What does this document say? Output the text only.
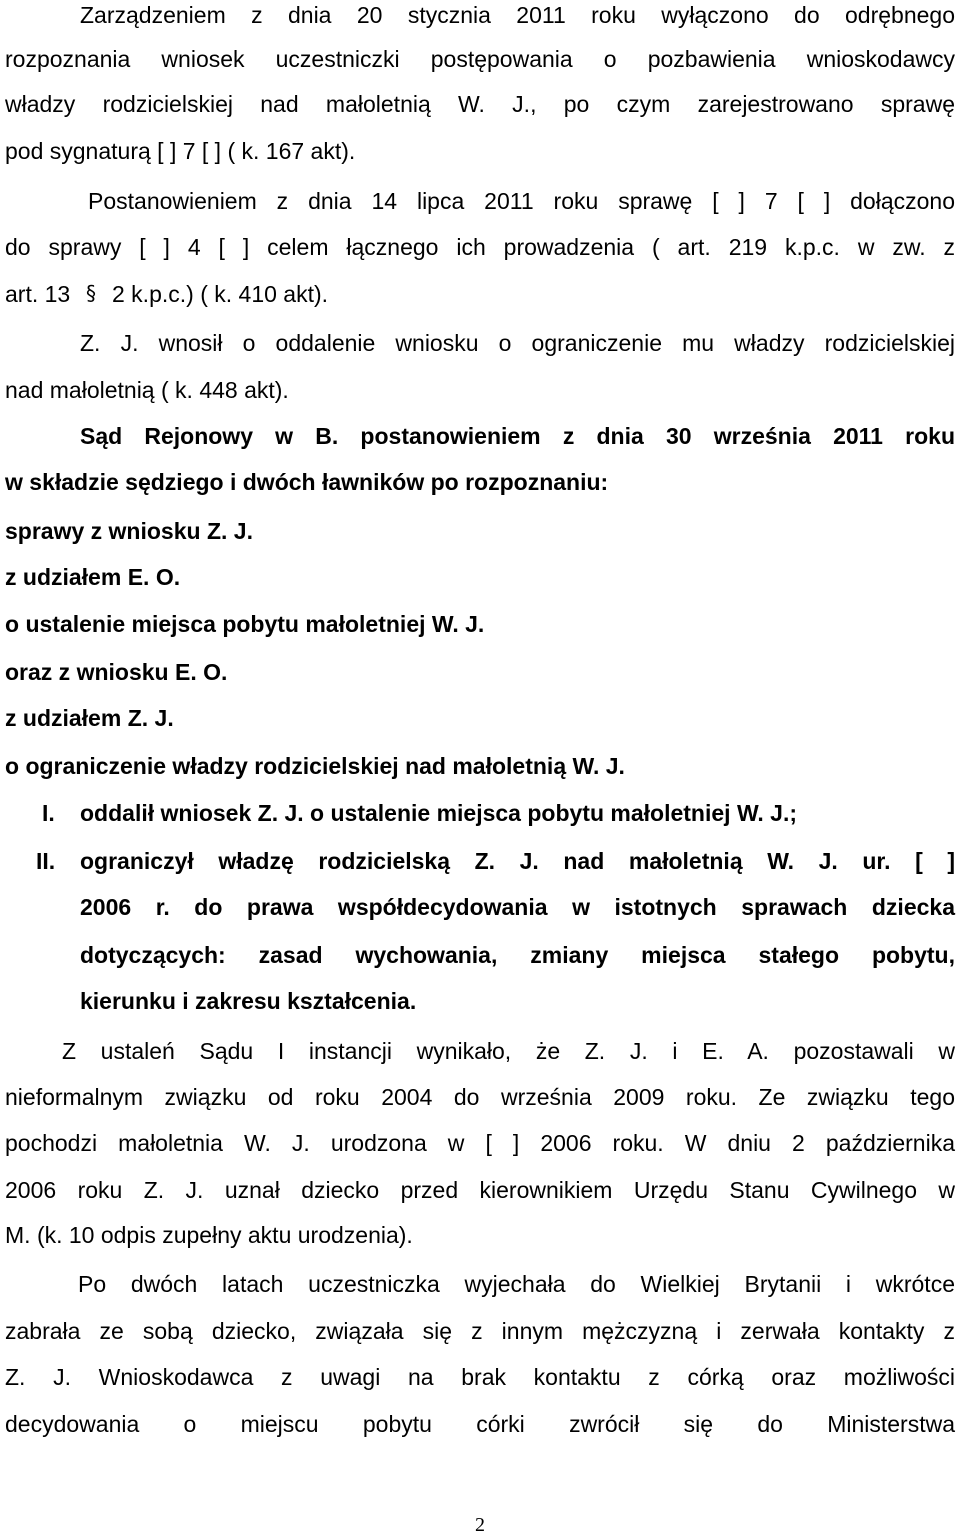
Zarządzeniem z dnia 20 stycznia 2011 roku wyłączono do odrębnego
rozpoznania wniosek uczestniczki postępowania o pozbawienia wnioskodawcy
władzy rodzicielskiej nad małoletnią W. J., po czym zarejestrowano sprawę
pod sygnaturą [ ] 7 [ ] ( k. 167 akt).
Postanowieniem z dnia 14 lipca 2011 roku sprawę [ ] 7 [ ] dołączono
do sprawy [ ] 4 [ ] celem łącznego ich prowadzenia ( art. 219 k.p.c. w zw. z
art. 13 § 2 k.p.c.) ( k. 410 akt).
Z. J. wnosił o oddalenie wniosku o ograniczenie mu władzy rodzicielskiej
nad małoletnią ( k. 448 akt).
Sąd Rejonowy w B. postanowieniem z dnia 30 września 2011 roku
w składzie sędziego i dwóch ławników po rozpoznaniu:
sprawy z wniosku Z. J.
z udziałem E. O.
o ustalenie miejsca pobytu małoletniej W. J.
oraz z wniosku E. O.
z udziałem Z. J.
o ograniczenie władzy rodzicielskiej nad małoletnią W. J.
I. oddalił wniosek Z. J. o ustalenie miejsca pobytu małoletniej W. J.;
II. ograniczył władzę rodzicielską Z. J. nad małoletnią W. J. ur. [ ]
2006 r. do prawa współdecydowania w istotnych sprawach dziecka
dotyczących: zasad wychowania, zmiany miejsca stałego pobytu,
kierunku i zakresu kształcenia.
Z ustaleń Sądu I instancji wynikało, że Z. J. i E. A. pozostawali w
nieformalnym związku od roku 2004 do września 2009 roku. Ze związku tego
pochodzi małoletnia W. J. urodzona w [ ] 2006 roku. W dniu 2 października
2006 roku Z. J. uznał dziecko przed kierownikiem Urzędu Stanu Cywilnego w
M. (k. 10 odpis zupełny aktu urodzenia).
Po dwóch latach uczestniczka wyjechała do Wielkiej Brytanii i wkrótce
zabrała ze sobą dziecko, związała się z innym mężczyzną i zerwała kontakty z
Z. J. Wnioskodawca z uwagi na brak kontaktu z córką oraz możliwości
decydowania o miejscu pobytu córki zwrócił się do Ministerstwa
2
